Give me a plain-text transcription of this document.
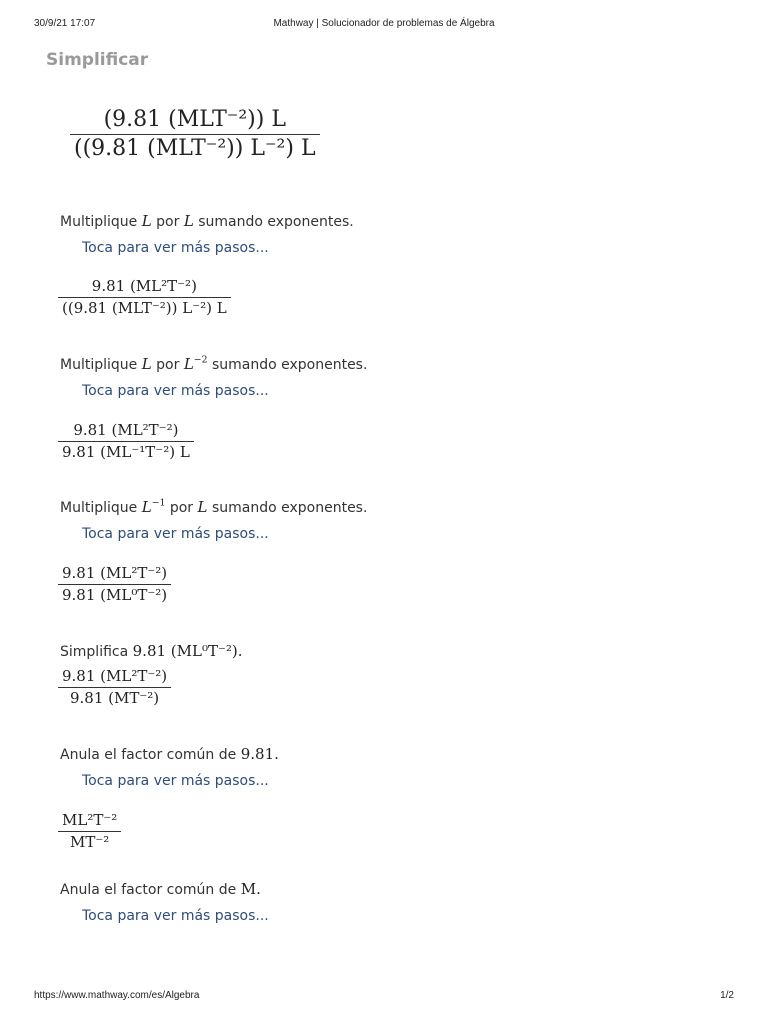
30/9/21 17:07	Mathway | Solucionador de problemas de Álgebra
Simplificar
(9.81 (MLT⁻²)) L
((9.81 (MLT⁻²)) L⁻²) L
Multiplique L por L sumando exponentes.
Toca para ver más pasos...
9.81 (ML²T⁻²)
((9.81 (MLT⁻²)) L⁻²) L
Multiplique L por $L^{-2}$ sumando exponentes.
Toca para ver más pasos...
9.81 (ML²T⁻²)
9.81 (ML⁻¹T⁻²) L
Multiplique $L^{-1}$ por L sumando exponentes.
Toca para ver más pasos...
9.81 (ML²T⁻²)
9.81 (ML⁰T⁻²)
Simplifica 9.81 (ML⁰T⁻²).
9.81 (ML²T⁻²)
9.81 (MT⁻²)
Anula el factor común de 9.81.
Toca para ver más pasos...
ML²T⁻²
MT⁻²
Anula el factor común de M.
Toca para ver más pasos...
https://www.mathway.com/es/Algebra	1/2
